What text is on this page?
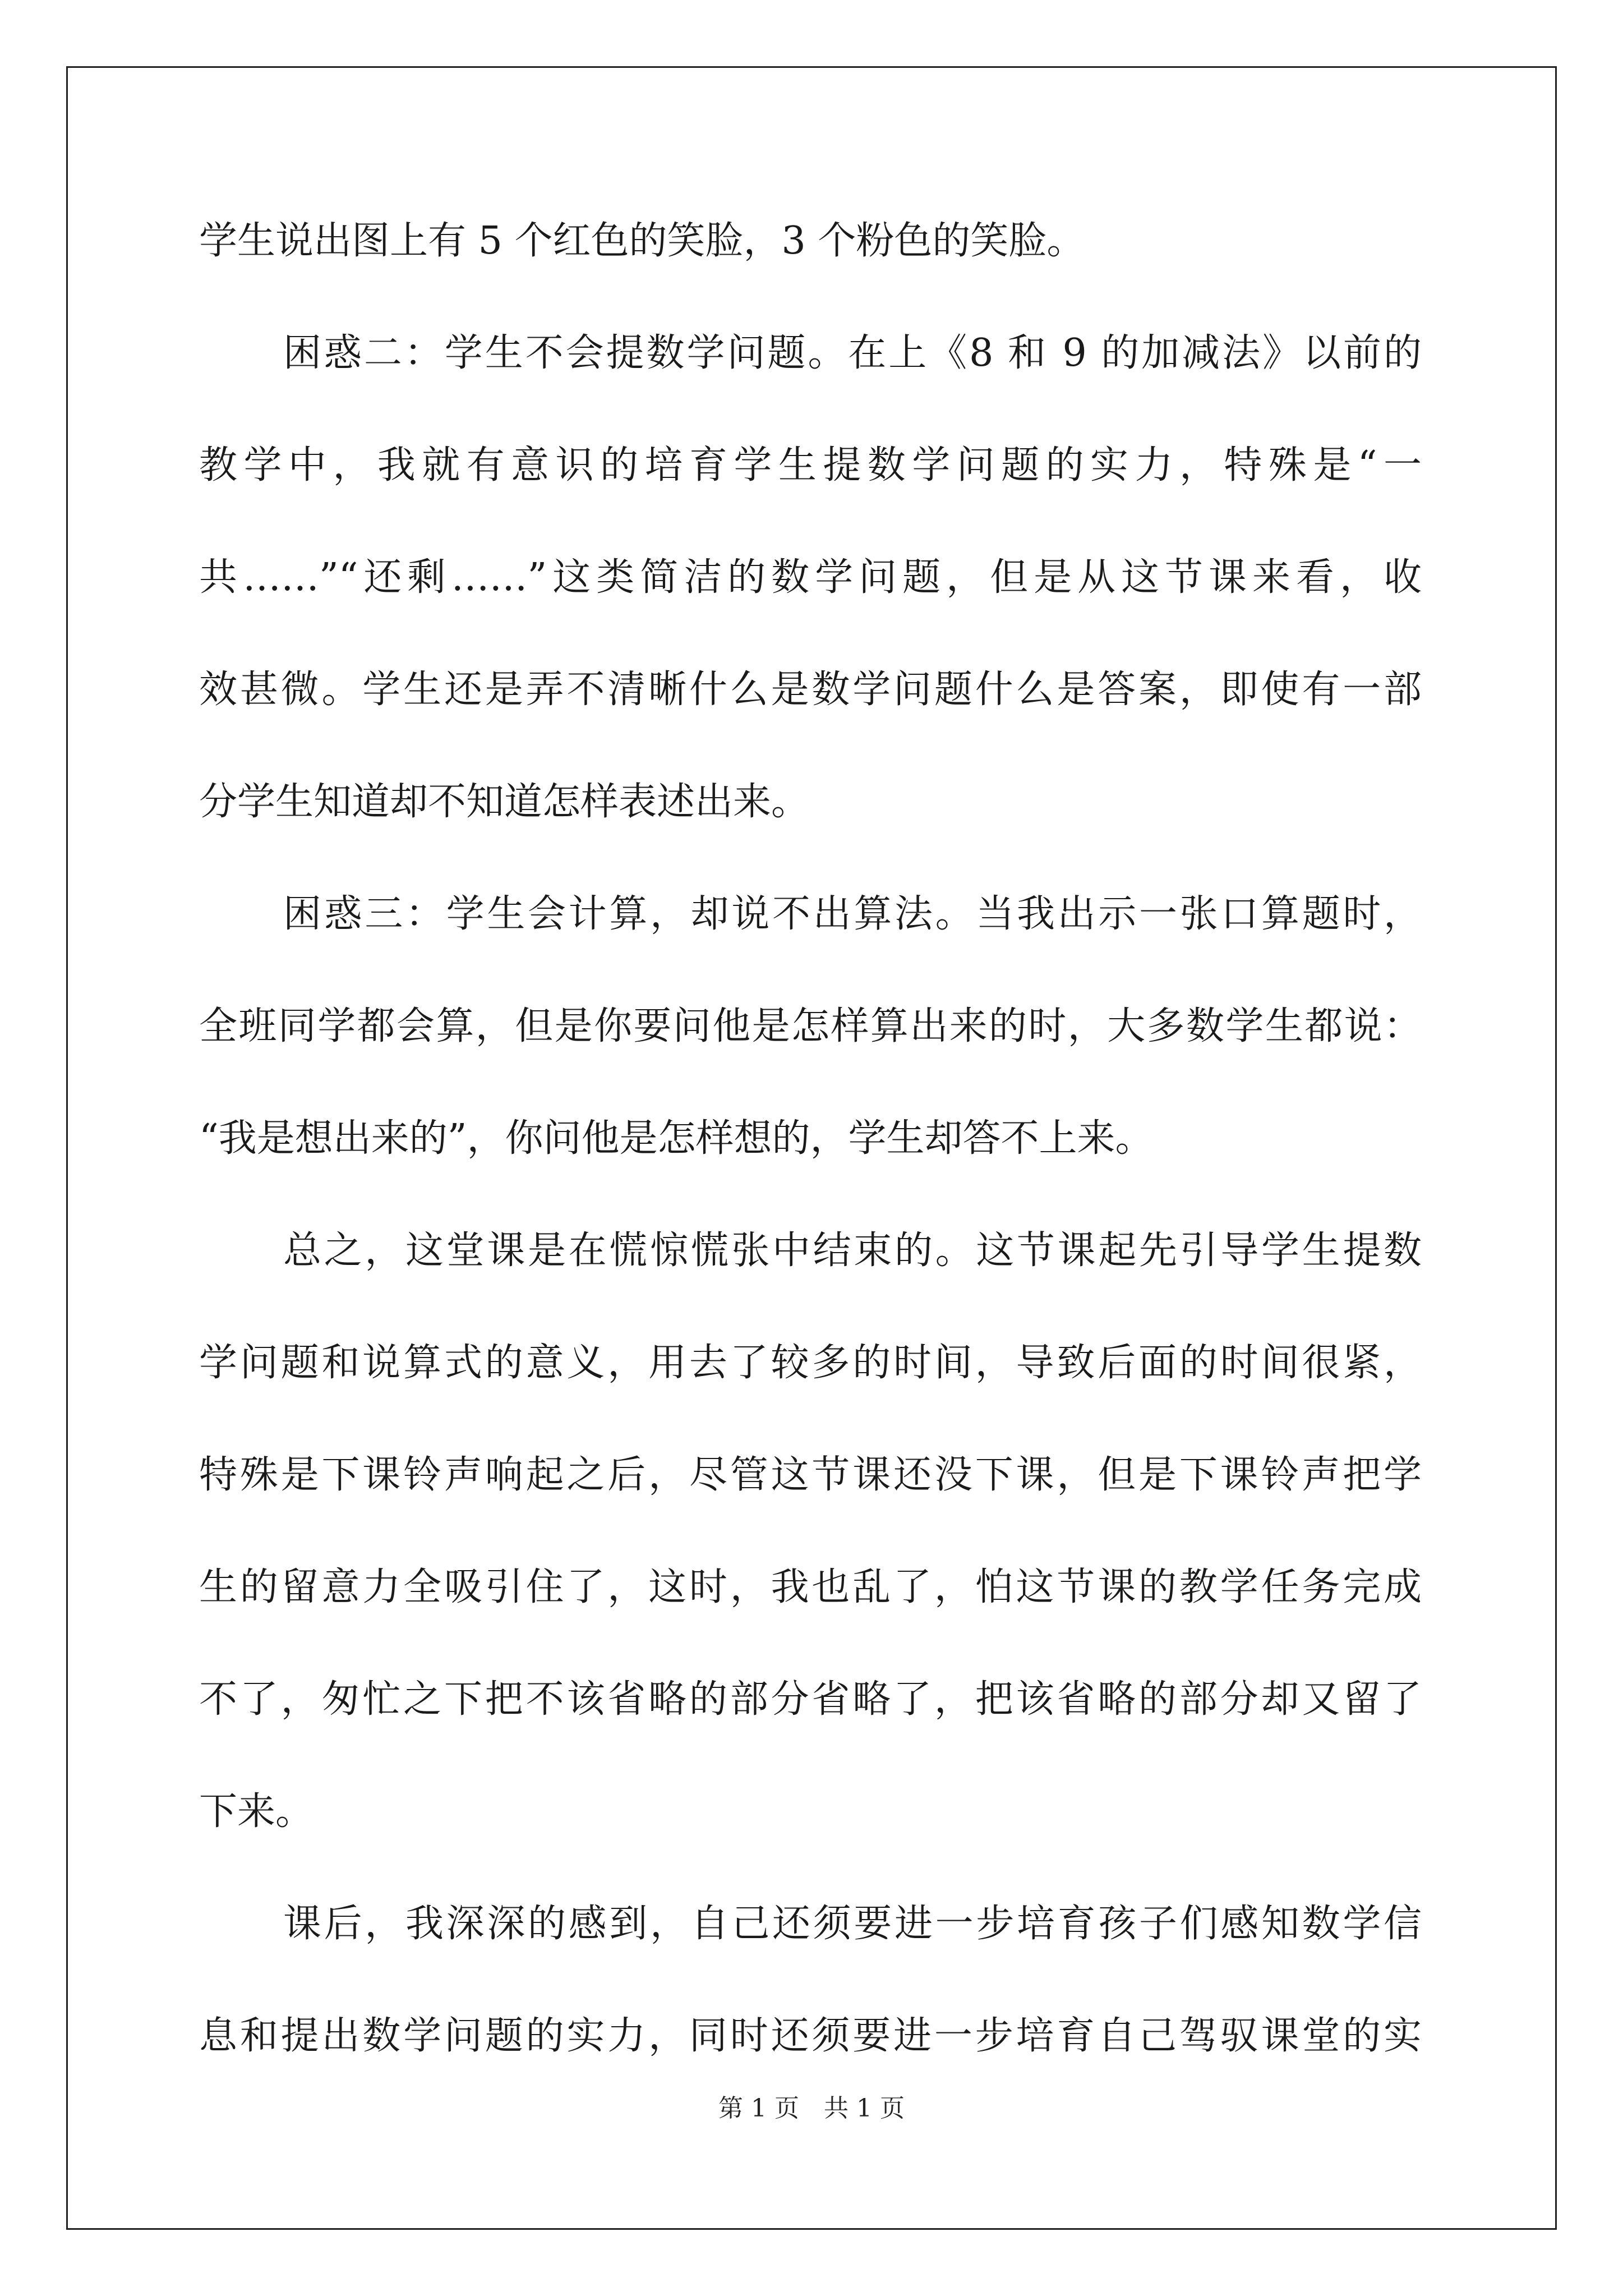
学生说出图上有 5 个红色的笑脸，3 个粉色的笑脸。
困惑二：学生不会提数学问题。在上《8 和 9 的加减法》以前的
教学中，我就有意识的培育学生提数学问题的实力，特殊是“一
共……”“还剩……”这类简洁的数学问题，但是从这节课来看，收
效甚微。学生还是弄不清晰什么是数学问题什么是答案，即使有一部
分学生知道却不知道怎样表述出来。
困惑三：学生会计算，却说不出算法。当我出示一张口算题时，
全班同学都会算，但是你要问他是怎样算出来的时，大多数学生都说：
“我是想出来的”，你问他是怎样想的，学生却答不上来。
总之，这堂课是在慌惊慌张中结束的。这节课起先引导学生提数
学问题和说算式的意义，用去了较多的时间，导致后面的时间很紧，
特殊是下课铃声响起之后，尽管这节课还没下课，但是下课铃声把学
生的留意力全吸引住了，这时，我也乱了，怕这节课的教学任务完成
不了，匆忙之下把不该省略的部分省略了，把该省略的部分却又留了
下来。
课后，我深深的感到，自己还须要进一步培育孩子们感知数学信
息和提出数学问题的实力，同时还须要进一步培育自己驾驭课堂的实
第 1 页　共 1 页
